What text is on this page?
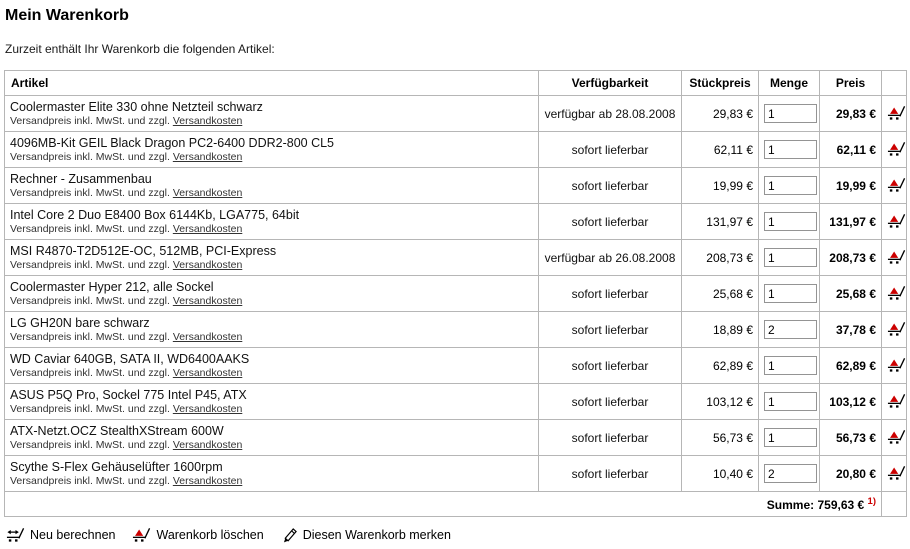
Mein Warenkorb
Zurzeit enthält Ihr Warenkorb die folgenden Artikel:
Artikel	Verfügbarkeit	Stückpreis	Menge	Preis	

Coolermaster Elite 330 ohne Netzteil schwarz
Versandpreis inkl. MwSt. und zzgl. Versandkosten	verfügbar ab 28.08.2008	29,83 €	1	29,83 €	

4096MB-Kit GEIL Black Dragon PC2-6400 DDR2-800 CL5
Versandpreis inkl. MwSt. und zzgl. Versandkosten	sofort lieferbar	62,11 €	1	62,11 €	

Rechner - Zusammenbau
Versandpreis inkl. MwSt. und zzgl. Versandkosten	sofort lieferbar	19,99 €	1	19,99 €	

Intel Core 2 Duo E8400 Box 6144Kb, LGA775, 64bit
Versandpreis inkl. MwSt. und zzgl. Versandkosten	sofort lieferbar	131,97 €	1	131,97 €	

MSI R4870-T2D512E-OC, 512MB, PCI-Express
Versandpreis inkl. MwSt. und zzgl. Versandkosten	verfügbar ab 26.08.2008	208,73 €	1	208,73 €	

Coolermaster Hyper 212, alle Sockel
Versandpreis inkl. MwSt. und zzgl. Versandkosten	sofort lieferbar	25,68 €	1	25,68 €	

LG GH20N bare schwarz
Versandpreis inkl. MwSt. und zzgl. Versandkosten	sofort lieferbar	18,89 €	2	37,78 €	

WD Caviar 640GB, SATA II, WD6400AAKS
Versandpreis inkl. MwSt. und zzgl. Versandkosten	sofort lieferbar	62,89 €	1	62,89 €	

ASUS P5Q Pro, Sockel 775 Intel P45, ATX
Versandpreis inkl. MwSt. und zzgl. Versandkosten	sofort lieferbar	103,12 €	1	103,12 €	

ATX-Netzt.OCZ StealthXStream 600W
Versandpreis inkl. MwSt. und zzgl. Versandkosten	sofort lieferbar	56,73 €	1	56,73 €	

Scythe S-Flex Gehäuselüfter 1600rpm
Versandpreis inkl. MwSt. und zzgl. Versandkosten	sofort lieferbar	10,40 €	2	20,80 €	
Summe: 759,63 € $^{1)}$	
Neu berechnen	Warenkorb löschen	Diesen Warenkorb merken
